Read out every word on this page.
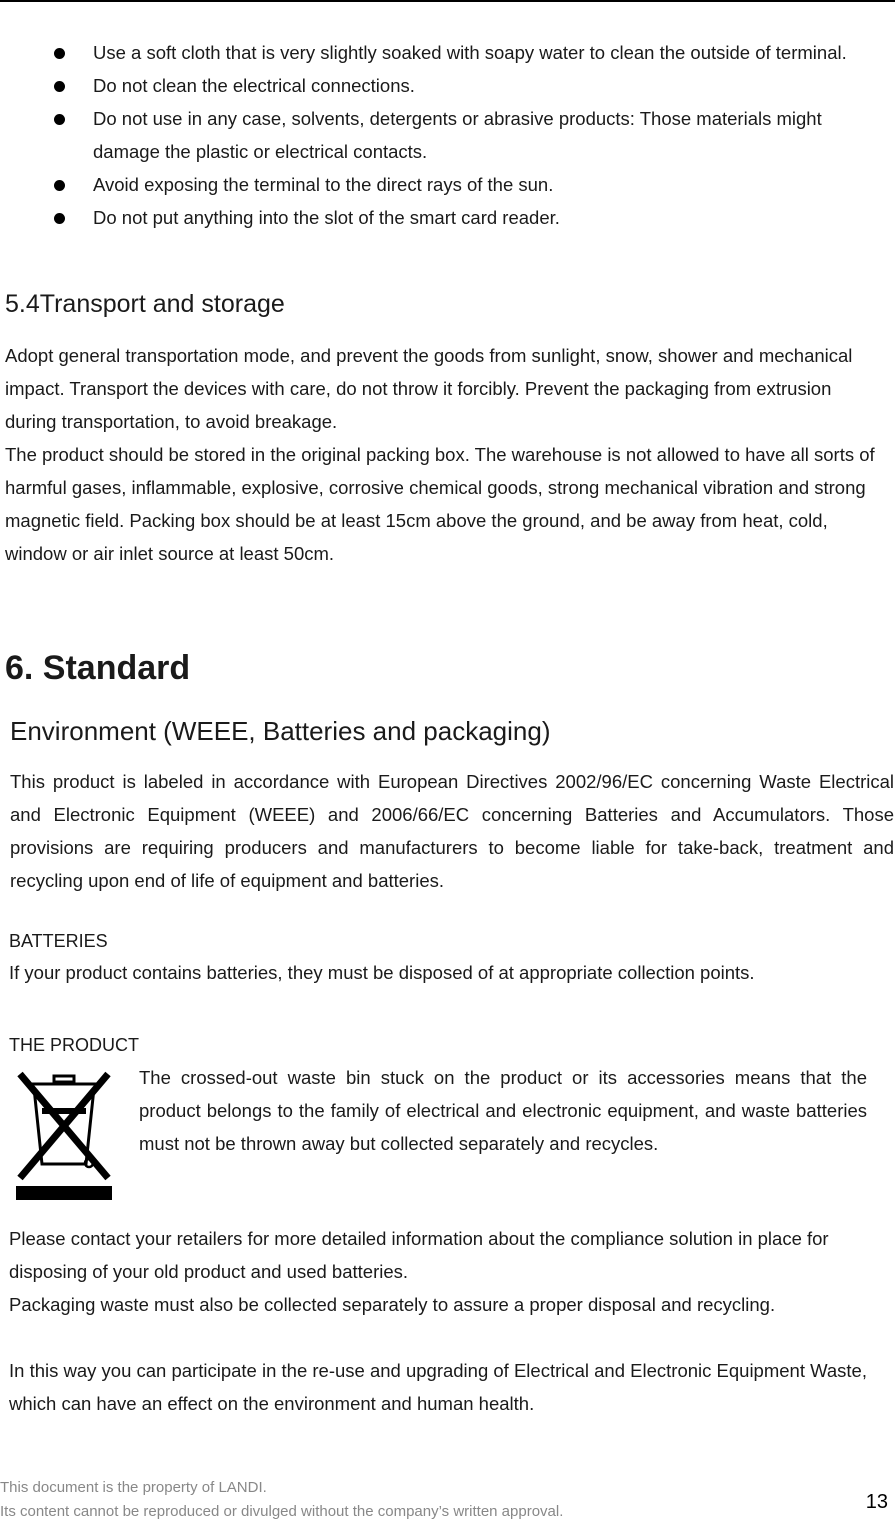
Use a soft cloth that is very slightly soaked with soapy water to clean the outside of terminal.
Do not clean the electrical connections.
Do not use in any case, solvents, detergents or abrasive products: Those materials might damage the plastic or electrical contacts.
Avoid exposing the terminal to the direct rays of the sun.
Do not put anything into the slot of the smart card reader.
5.4Transport and storage

Adopt general transportation mode, and prevent the goods from sunlight, snow, shower and mechanical impact. Transport the devices with care, do not throw it forcibly. Prevent the packaging from extrusion during transportation, to avoid breakage.

The product should be stored in the original packing box. The warehouse is not allowed to have all sorts of harmful gases, inflammable, explosive, corrosive chemical goods, strong mechanical vibration and strong magnetic field. Packing box should be at least 15cm above the ground, and be away from heat, cold, window or air inlet source at least 50cm.

6. Standard
Environment (WEEE, Batteries and packaging)

This product is labeled in accordance with European Directives 2002/96/EC concerning Waste Electrical and Electronic Equipment (WEEE) and 2006/66/EC concerning Batteries and Accumulators. Those provisions are requiring producers and manufacturers to become liable for take-back, treatment and recycling upon end of life of equipment and batteries.

BATTERIES

If your product contains batteries, they must be disposed of at appropriate collection points.

THE PRODUCT

The crossed-out waste bin stuck on the product or its accessories means that the product belongs to the family of electrical and electronic equipment, and waste batteries must not be thrown away but collected separately and recycles.

Please contact your retailers for more detailed information about the compliance solution in place for disposing of your old product and used batteries.

Packaging waste must also be collected separately to assure a proper disposal and recycling.

In this way you can participate in the re-use and upgrading of Electrical and Electronic Equipment Waste, which can have an effect on the environment and human health.

This document is the property of LANDI.
Its content cannot be reproduced or divulged without the company’s written approval.	13
